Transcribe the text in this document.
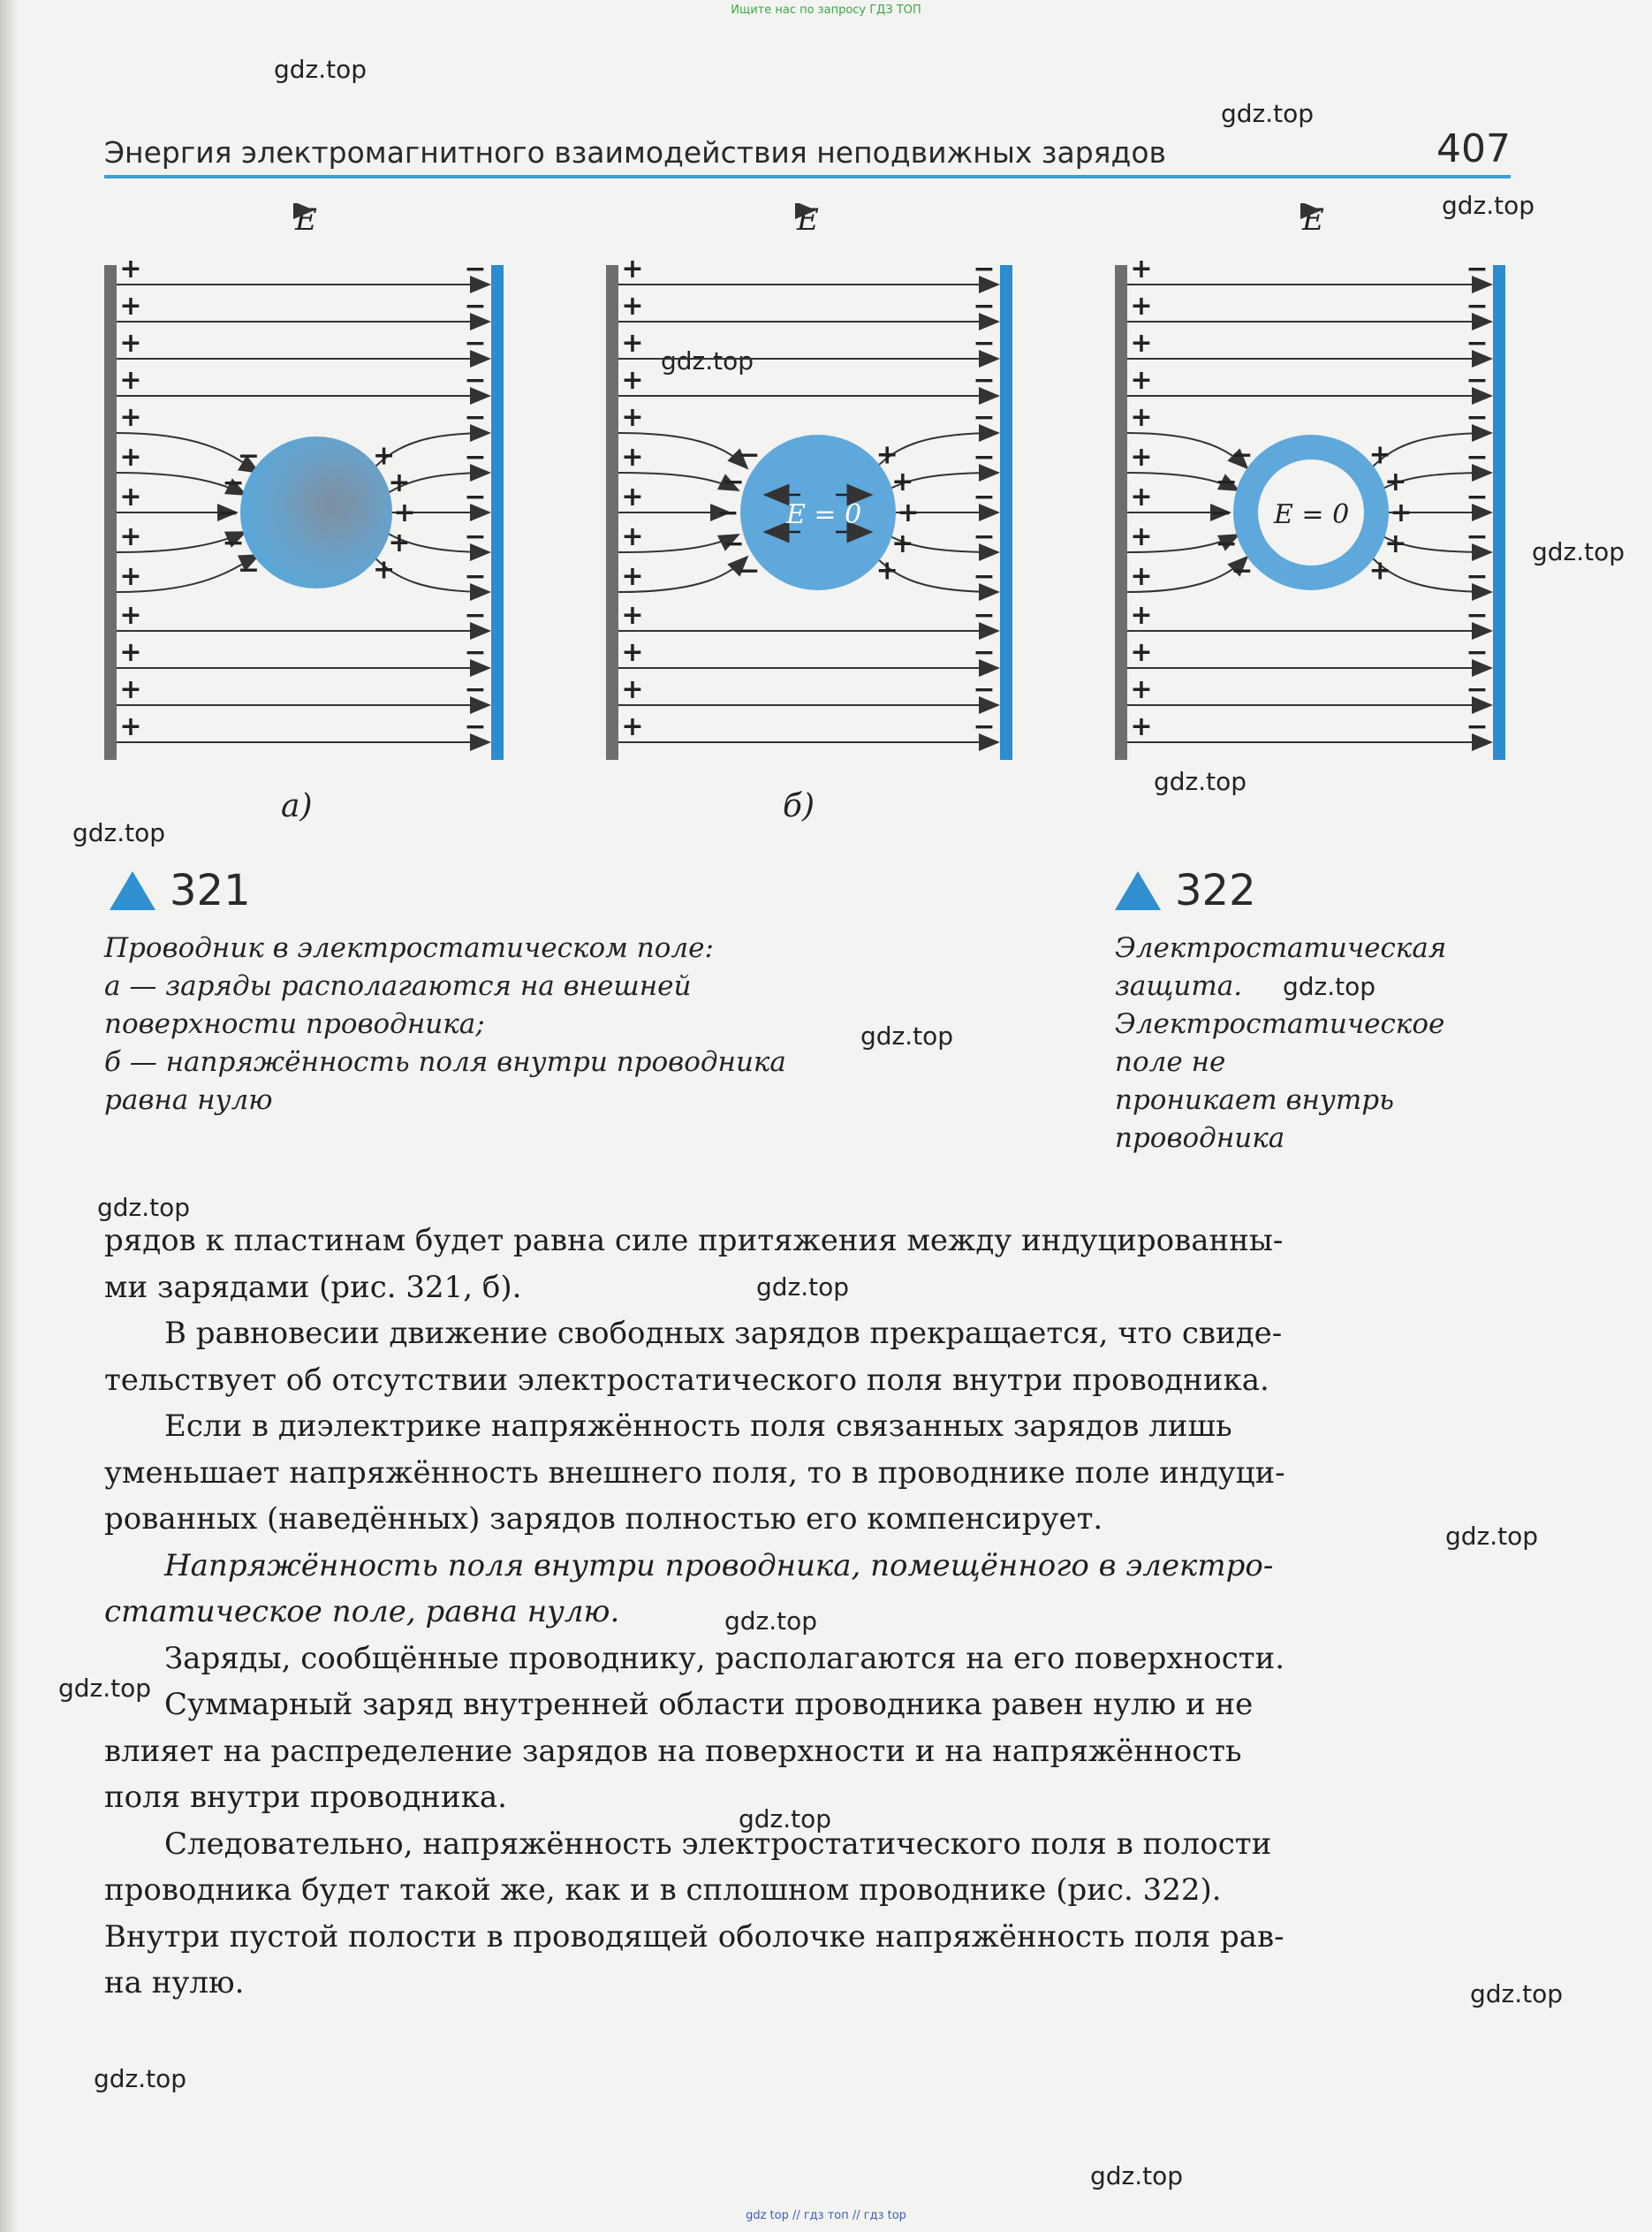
Ищите нас по запросу ГДЗ ТОП
gdz.top
gdz.top
gdz.top
gdz.top
gdz.top
gdz.top
gdz.top
gdz.top
gdz.top
gdz.top
gdz.top
gdz.top
gdz.top
gdz.top
gdz.top
gdz.top
gdz.top
gdz.top
Энергия электромагнитного взаимодействия неподвижных зарядов	407
E
+	−
+	−
+	−
+	−
+	−
+	−
+	−
+	−
+	−
+	−
+	−
+	−
+	−
−
−
−
−
−	+
+
+
+
+
а)
E = 0
E
+	−
+	−
+	−
+	−
+	−
+	−
+	−
+	−
+	−
+	−
+	−
+	−
+	−
−
−
−
−
−	+
+
+
+
+
б)
E = 0
E
+	−
+	−
+	−
+	−
+	−
+	−
+	−
+	−
+	−
+	−
+	−
+	−
+	−
−
−
−
−
−	+
+
+
+
+
321
Проводник в электростатическом поле:
а — заряды располагаются на внешней
поверхности проводника;
б — напряжённость поля внутри проводника
равна нулю
322
Электростатическая
защита.
Электростатическое
поле не
проникает внутрь
проводника

рядов к пластинам будет равна силе притяжения между индуцированны-
ми зарядами (рис. 321, б).

В равновесии движение свободных зарядов прекращается, что свиде-
тельствует об отсутствии электростатического поля внутри проводника.

Если в диэлектрике напряжённость поля связанных зарядов лишь
уменьшает напряжённость внешнего поля, то в проводнике поле индуци-
рованных (наведённых) зарядов полностью его компенсирует.

Напряжённость поля внутри проводника, помещённого в электро-
статическое поле, равна нулю.

Заряды, сообщённые проводнику, располагаются на его поверхности.

Суммарный заряд внутренней области проводника равен нулю и не
влияет на распределение зарядов на поверхности и на напряжённость
поля внутри проводника.

Следовательно, напряжённость электростатического поля в полости
проводника будет такой же, как и в сплошном проводнике (рис. 322).
Внутри пустой полости в проводящей оболочке напряжённость поля рав-
на нулю.

gdz top // гдз топ // гдз top
